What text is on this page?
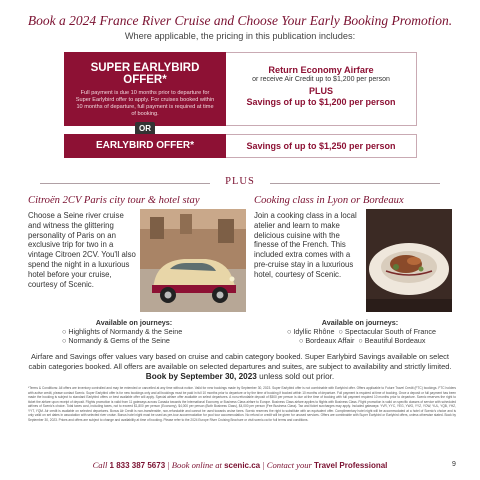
Book a 2024 France River Cruise and Choose Your Early Booking Promotion.
Where applicable, the pricing in this publication includes:
SUPER EARLYBIRD
OFFER*
Full payment is due 10 months prior to departure for Super Earlybird offer to apply. For cruises booked within 10 months of departure, full payment is required at time of booking.
Return Economy Airfare
or receive Air Credit up to $1,200 per person
PLUS
Savings of up to $1,200 per person
OR
EARLYBIRD OFFER*	Savings of up to $1,250 per person
PLUS
Citroën 2CV Paris city tour & hotel stay
Choose a Seine river cruise and witness the glittering personality of Paris on an exclusive trip for two in a vintage Citroen 2CV. You'll also spend the night in a luxurious hotel before your cruise, courtesy of Scenic.
Available on journeys:
○ Highlights of Normandy & the Seine
○ Normandy & Gems of the Seine
Cooking class in Lyon or Bordeaux
Join a cooking class in a local atelier and learn to make delicious cuisine with the finesse of the French. This included extra comes with a pre-cruise stay in a luxurious hotel, courtesy of Scenic.
Available on journeys:
○ Idyllic Rhône  ○ Spectacular South of France
○ Bordeaux Affair  ○ Beautiful Bordeaux
Airfare and Savings offer values vary based on cruise and cabin category booked. Super Earlybird Savings available on select cabin categories booked. All offers are available on selected departures and suites, are subject to availability and strictly limited.
Book by September 30, 2023 unless sold out prior.
*Terms & Conditions: All offers are inventory controlled and may be extended or cancelled at any time without notice. Valid for new bookings made by September 30, 2023. Super Earlybird offer is not combinable with Earlybird offer. Offers applicable to Future Travel Credit (FTC) bookings. FTC holders with active credit, please contact Scenic. Super Earlybird offer is for new bookings only and all bookings must be paid in full 10 months prior to departure or by the time of booking if booked within 10 months of departure. Full payment is required at time of booking. Once a deposit or full payment has been made the booking is subject to standard Earlybird offers or best available offer will apply. Special airfare offer available on select departures. A non-refundable deposit of $500 per person is due at the time of booking with full payment required 10 months prior to departure. Scenic reserves the right to ticket the airfare upon receipt of deposit. Flights promotion is valid from 11 gateways across Canada towards the International Economy or Business Class airfare to Europe. Business Class airfare applies to flights with Business Class. Flight promotion is valid on specific classes of service with scheduled airlines of Scenic's choice. Total taxes cost, including taxes, not to exceed $1,800 per person (Economy), $4,000 per person (Both Business Class), $4,000 per person (Fee Business Class). Tax and ticket surcharges may apply. Included gateways: YVR, YYC, YEG, YWG, YYZ, YOW, YUL, YQB, YHZ, YYT, YQM. Air credit is available on selected departures. Bonus Air Credit is non-transferable, non-refundable and cannot be used towards cruise fares. Scenic reserves the right to substitute with an equivalent offer. Complimentary hotel night will be accommodated at a hotel of Scenic's choice and is only valid on set dates in association with selected river cruise. Bonus hotel night must be used as pre-tour accommodation for pool tour accommodation. No refund or credit will be given for unused services. Offers are combinable with Super Earlybird or Earlybird offers, unless otherwise stated. Book by September 30, 2023. Prices and offers are subject to change and availability at time of booking. Please refer to the 2024 Europe River Cruising Brochure or visit scenic.ca for full terms and conditions.
Call 1 833 387 5673 | Book online at scenic.ca | Contact your Travel Professional	9
